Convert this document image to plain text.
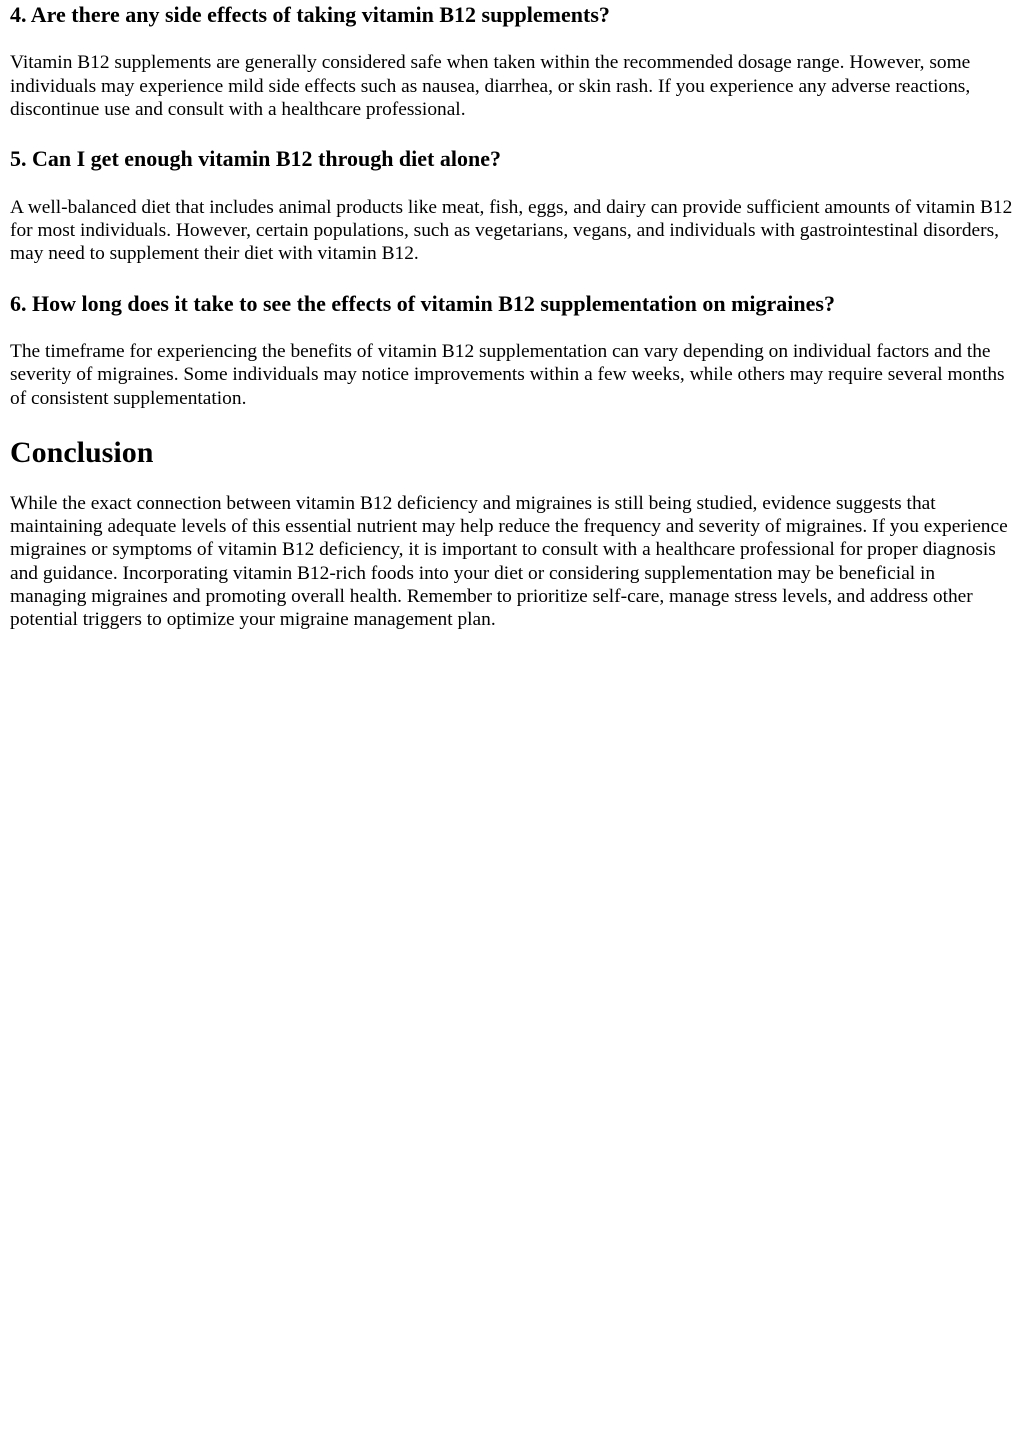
4. Are there any side effects of taking vitamin B12 supplements?

Vitamin B12 supplements are generally considered safe when taken within the recommended dosage range. However, some individuals may experience mild side effects such as nausea, diarrhea, or skin rash. If you experience any adverse reactions, discontinue use and consult with a healthcare professional.

5. Can I get enough vitamin B12 through diet alone?

A well-balanced diet that includes animal products like meat, fish, eggs, and dairy can provide sufficient amounts of vitamin B12 for most individuals. However, certain populations, such as vegetarians, vegans, and individuals with gastrointestinal disorders, may need to supplement their diet with vitamin B12.

6. How long does it take to see the effects of vitamin B12 supplementation on migraines?

The timeframe for experiencing the benefits of vitamin B12 supplementation can vary depending on individual factors and the severity of migraines. Some individuals may notice improvements within a few weeks, while others may require several months of consistent supplementation.

Conclusion

While the exact connection between vitamin B12 deficiency and migraines is still being studied, evidence suggests that maintaining adequate levels of this essential nutrient may help reduce the frequency and severity of migraines. If you experience migraines or symptoms of vitamin B12 deficiency, it is important to consult with a healthcare professional for proper diagnosis and guidance. Incorporating vitamin B12-rich foods into your diet or considering supplementation may be beneficial in managing migraines and promoting overall health. Remember to prioritize self-care, manage stress levels, and address other potential triggers to optimize your migraine management plan.
